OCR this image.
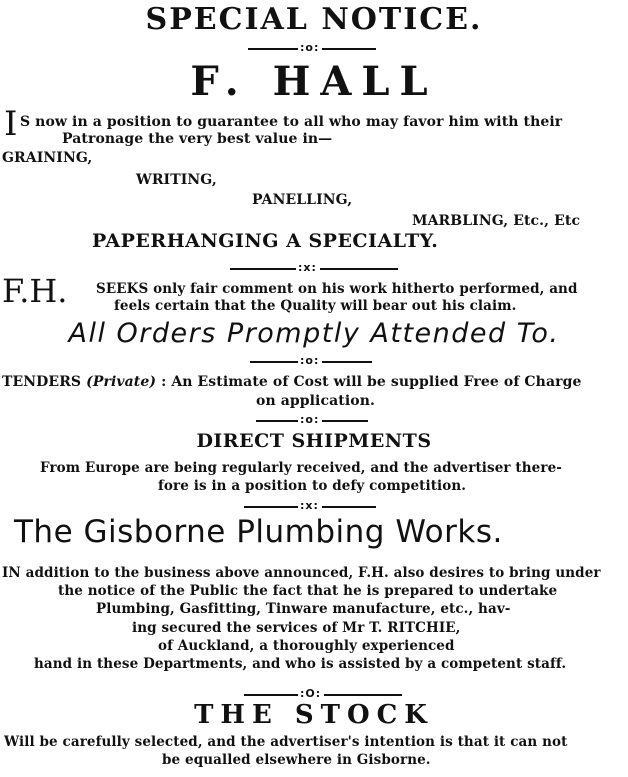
SPECIAL NOTICE.
:o:
F. HALL
I S now in a position to guarantee to all who may favor him with their
Patronage the very best value in—
GRAINING,
WRITING,
PANELLING,
MARBLING, Etc., Etc
PAPERHANGING A SPECIALTY.
:x:
F.H. SEEKS only fair comment on his work hitherto performed, and
feels certain that the Quality will bear out his claim.
All Orders Promptly Attended To.
:o:
TENDERS (Private) : An Estimate of Cost will be supplied Free of Charge
on application.
:o:
DIRECT SHIPMENTS
From Europe are being regularly received, and the advertiser there-
fore is in a position to defy competition.
:x:
The Gisborne Plumbing Works.
IN addition to the business above announced, F.H. also desires to bring under
the notice of the Public the fact that he is prepared to undertake
Plumbing, Gasfitting, Tinware manufacture, etc., hav-
ing secured the services of Mr T. RITCHIE,
of Auckland, a thoroughly experienced
hand in these Departments, and who is assisted by a competent staff.
:O:
THE STOCK
Will be carefully selected, and the advertiser's intention is that it can not
be equalled elsewhere in Gisborne.
